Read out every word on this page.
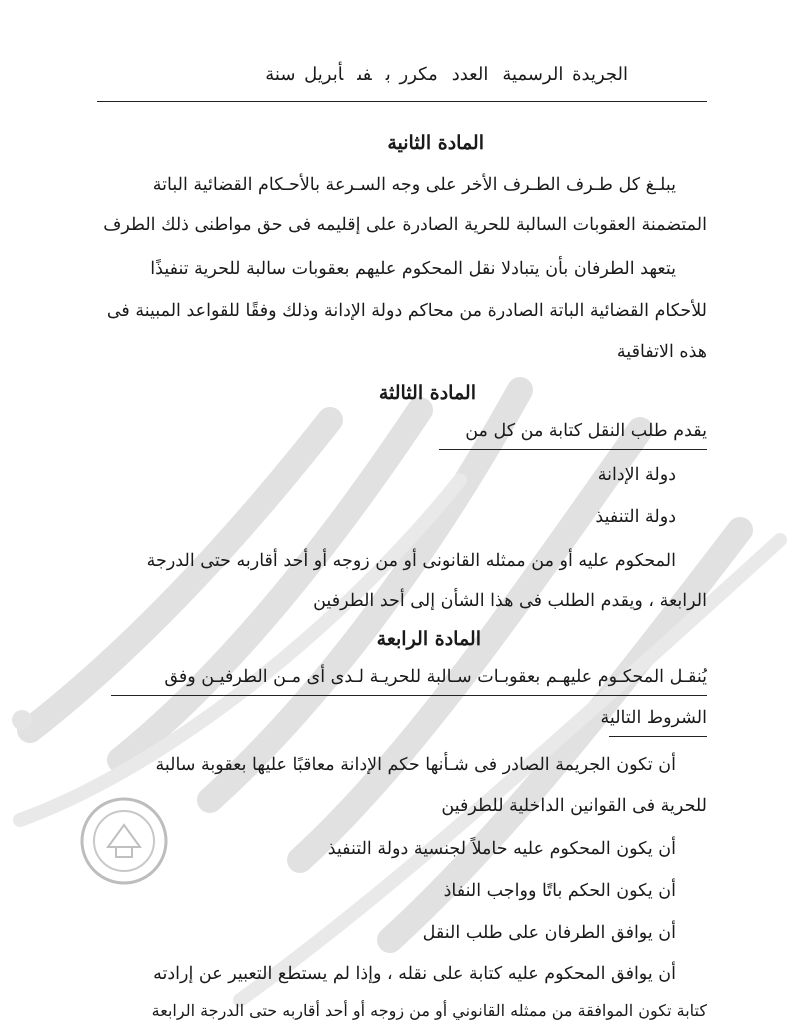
الجريدة الرسميةالعددمكرر بفىأبريل سنة
المادة الثانية
يبلـغ كل طـرف الطـرف الأخر على وجه السـرعة بالأحـكام القضائية الباتة
المتضمنة العقوبات السالبة للحرية الصادرة على إقليمه فى حق مواطنى ذلك الطرف
يتعهد الطرفان بأن يتبادلا نقل المحكوم عليهم بعقوبات سالبة للحرية تنفيذًا
للأحكام القضائية الباتة الصادرة من محاكم دولة الإدانة وذلك وفقًا للقواعد المبينة فى
هذه الاتفاقية
المادة الثالثة
يقدم طلب النقل كتابة من كل من
دولة الإدانة
دولة التنفيذ
المحكوم عليه أو من ممثله القانونى أو من زوجه أو أحد أقاربه حتى الدرجة
الرابعة ، ويقدم الطلب فى هذا الشأن إلى أحد الطرفين
المادة الرابعة
يُنقـل المحكـوم عليهـم بعقوبـات سـالبة للحريـة لـدى أى مـن الطرفيـن وفق
الشروط التالية
أن تكون الجريمة الصادر فى شـأنها حكم الإدانة معاقبًا عليها بعقوبة سالبة
للحرية فى القوانين الداخلية للطرفين
أن يكون المحكوم عليه حاملاً لجنسية دولة التنفيذ
أن يكون الحكم باتًا وواجب النفاذ
أن يوافق الطرفان على طلب النقل
أن يوافق المحكوم عليه كتابة على نقله ، وإذا لم يستطع التعبير عن إرادته
كتابة تكون الموافقة من ممثله القانوني أو من زوجه أو أحد أقاربه حتى الدرجة الرابعة
